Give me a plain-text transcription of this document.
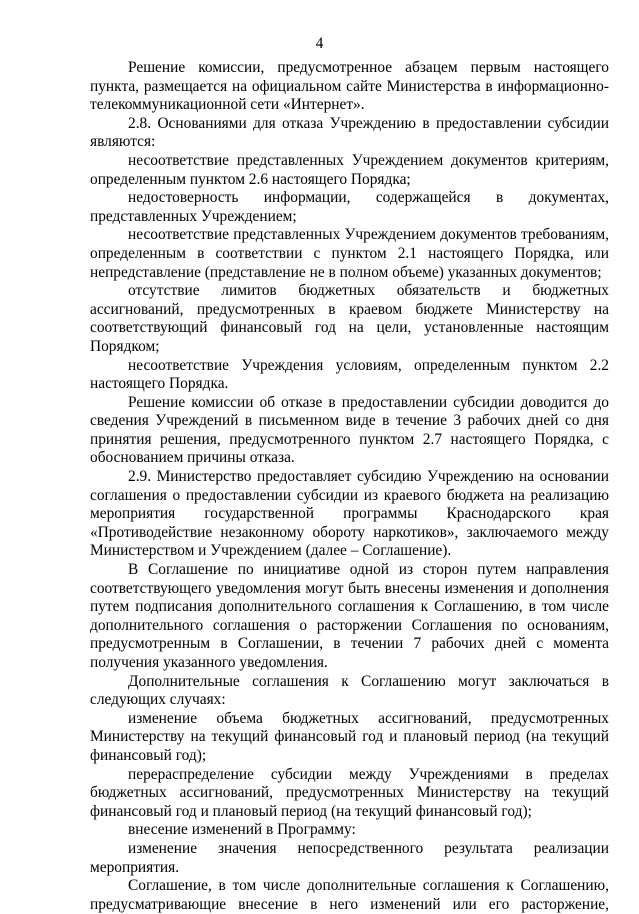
4

Решение комиссии, предусмотренное абзацем первым настоящего пункта, размещается на официальном сайте Министерства в информационно-телекоммуникационной сети «Интернет».

2.8. Основаниями для отказа Учреждению в предоставлении субсидии являются:

несоответствие представленных Учреждением документов критериям, определенным пунктом 2.6 настоящего Порядка;

недостоверность информации, содержащейся в документах, представленных Учреждением;

несоответствие представленных Учреждением документов требованиям, определенным в соответствии с пунктом 2.1 настоящего Порядка, или непредставление (представление не в полном объеме) указанных документов;

отсутствие лимитов бюджетных обязательств и бюджетных ассигнований, предусмотренных в краевом бюджете Министерству на соответствующий финансовый год на цели, установленные настоящим Порядком;

несоответствие Учреждения условиям, определенным пунктом 2.2 настоящего Порядка.

Решение комиссии об отказе в предоставлении субсидии доводится до сведения Учреждений в письменном виде в течение 3 рабочих дней со дня принятия решения, предусмотренного пунктом 2.7 настоящего Порядка, с обоснованием причины отказа.

2.9. Министерство предоставляет субсидию Учреждению на основании соглашения о предоставлении субсидии из краевого бюджета на реализацию мероприятия государственной программы Краснодарского края «Противодействие незаконному обороту наркотиков», заключаемого между Министерством и Учреждением (далее – Соглашение).

В Соглашение по инициативе одной из сторон путем направления соответствующего уведомления могут быть внесены изменения и дополнения путем подписания дополнительного соглашения к Соглашению, в том числе дополнительного соглашения о расторжении Соглашения по основаниям, предусмотренным в Соглашении, в течении 7 рабочих дней с момента получения указанного уведомления.

Дополнительные соглашения к Соглашению могут заключаться в следующих случаях:

изменение объема бюджетных ассигнований, предусмотренных Министерству на текущий финансовый год и плановый период (на текущий финансовый год);

перераспределение субсидии между Учреждениями в пределах бюджетных ассигнований, предусмотренных Министерству на текущий финансовый год и плановый период (на текущий финансовый год);

внесение изменений в Программу:

изменение значения непосредственного результата реализации мероприятия.

Соглашение, в том числе дополнительные соглашения к Соглашению, предусматривающие внесение в него изменений или его расторжение,
